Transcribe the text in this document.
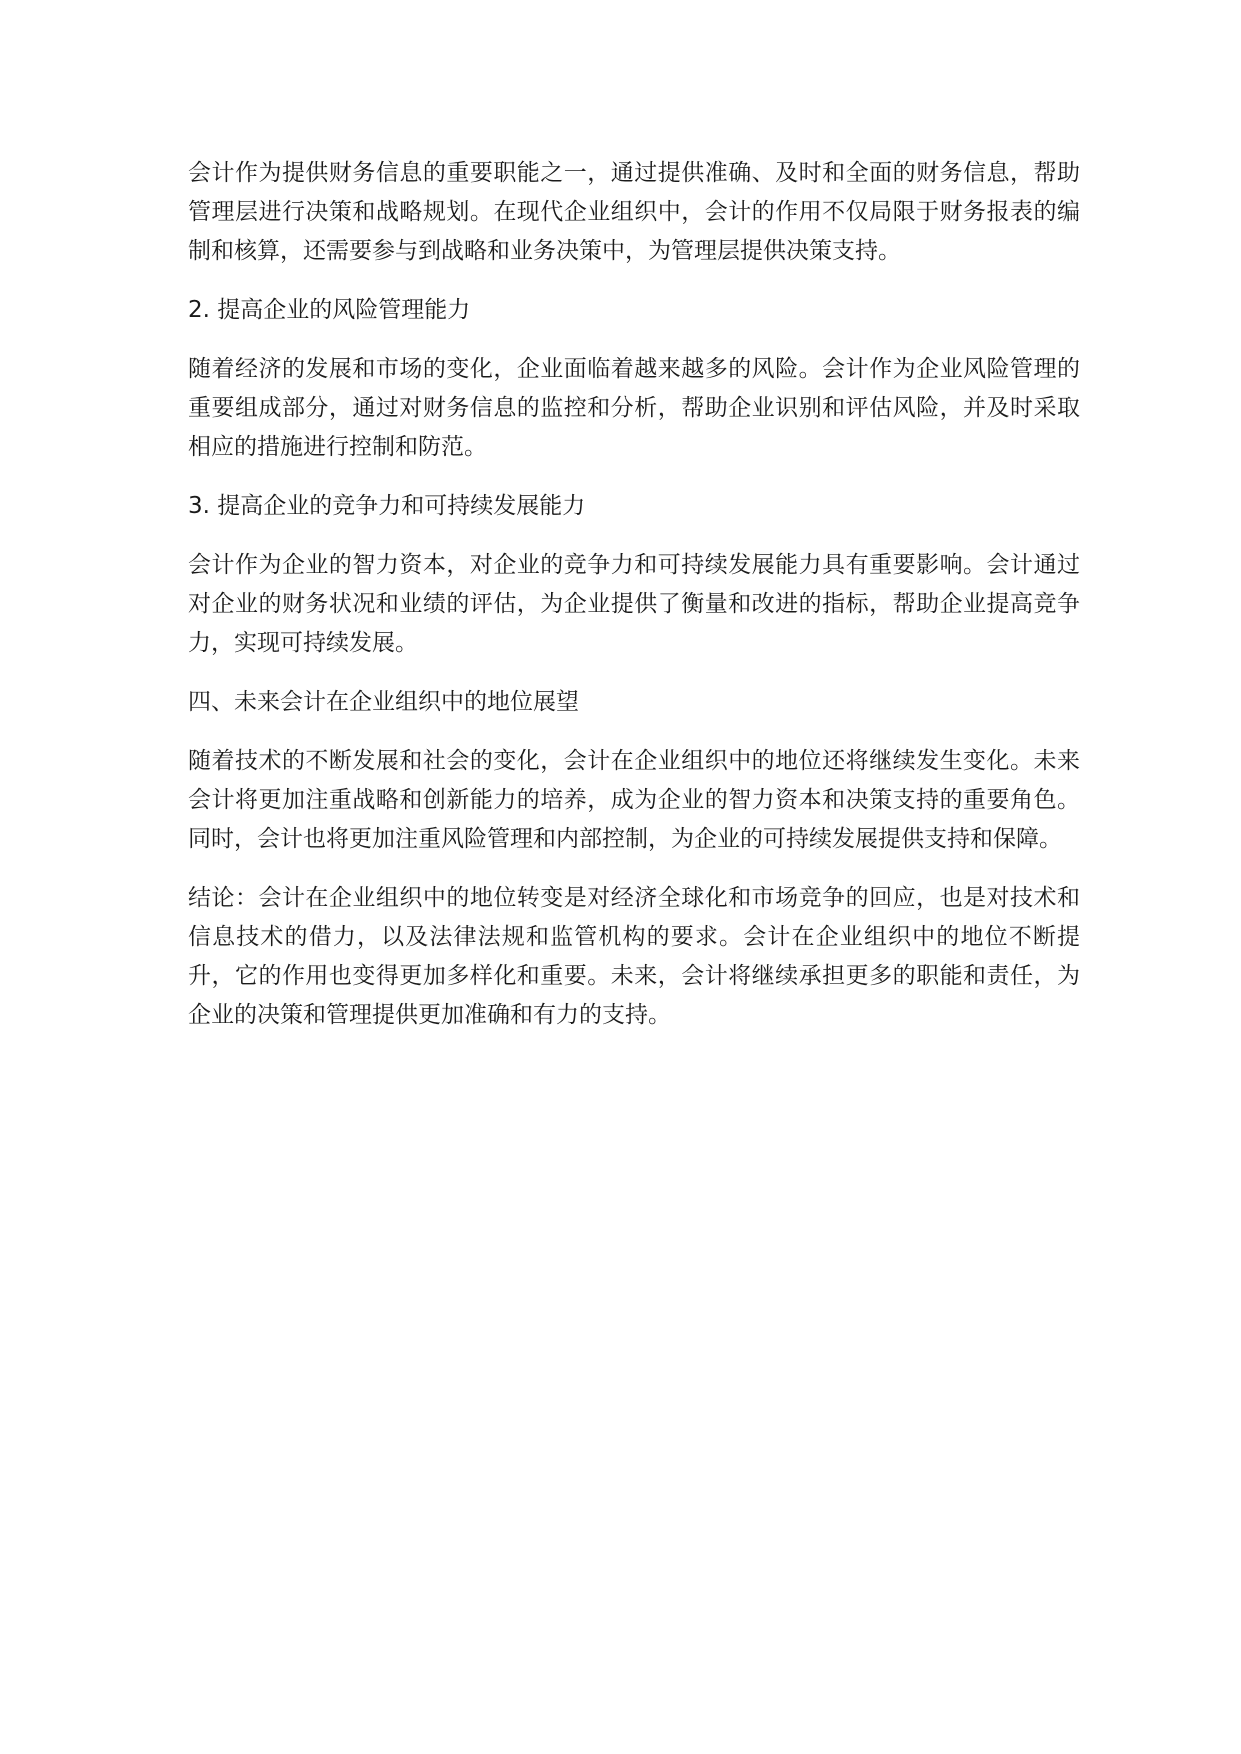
会计作为提供财务信息的重要职能之一，通过提供准确、及时和全面的财务信息，帮助管理层进行决策和战略规划。在现代企业组织中，会计的作用不仅局限于财务报表的编制和核算，还需要参与到战略和业务决策中，为管理层提供决策支持。

2. 提高企业的风险管理能力

随着经济的发展和市场的变化，企业面临着越来越多的风险。会计作为企业风险管理的重要组成部分，通过对财务信息的监控和分析，帮助企业识别和评估风险，并及时采取相应的措施进行控制和防范。

3. 提高企业的竞争力和可持续发展能力

会计作为企业的智力资本，对企业的竞争力和可持续发展能力具有重要影响。会计通过对企业的财务状况和业绩的评估，为企业提供了衡量和改进的指标，帮助企业提高竞争力，实现可持续发展。

四、未来会计在企业组织中的地位展望

随着技术的不断发展和社会的变化，会计在企业组织中的地位还将继续发生变化。未来会计将更加注重战略和创新能力的培养，成为企业的智力资本和决策支持的重要角色。同时，会计也将更加注重风险管理和内部控制，为企业的可持续发展提供支持和保障。

结论：会计在企业组织中的地位转变是对经济全球化和市场竞争的回应，也是对技术和信息技术的借力，以及法律法规和监管机构的要求。会计在企业组织中的地位不断提升，它的作用也变得更加多样化和重要。未来，会计将继续承担更多的职能和责任，为企业的决策和管理提供更加准确和有力的支持。
